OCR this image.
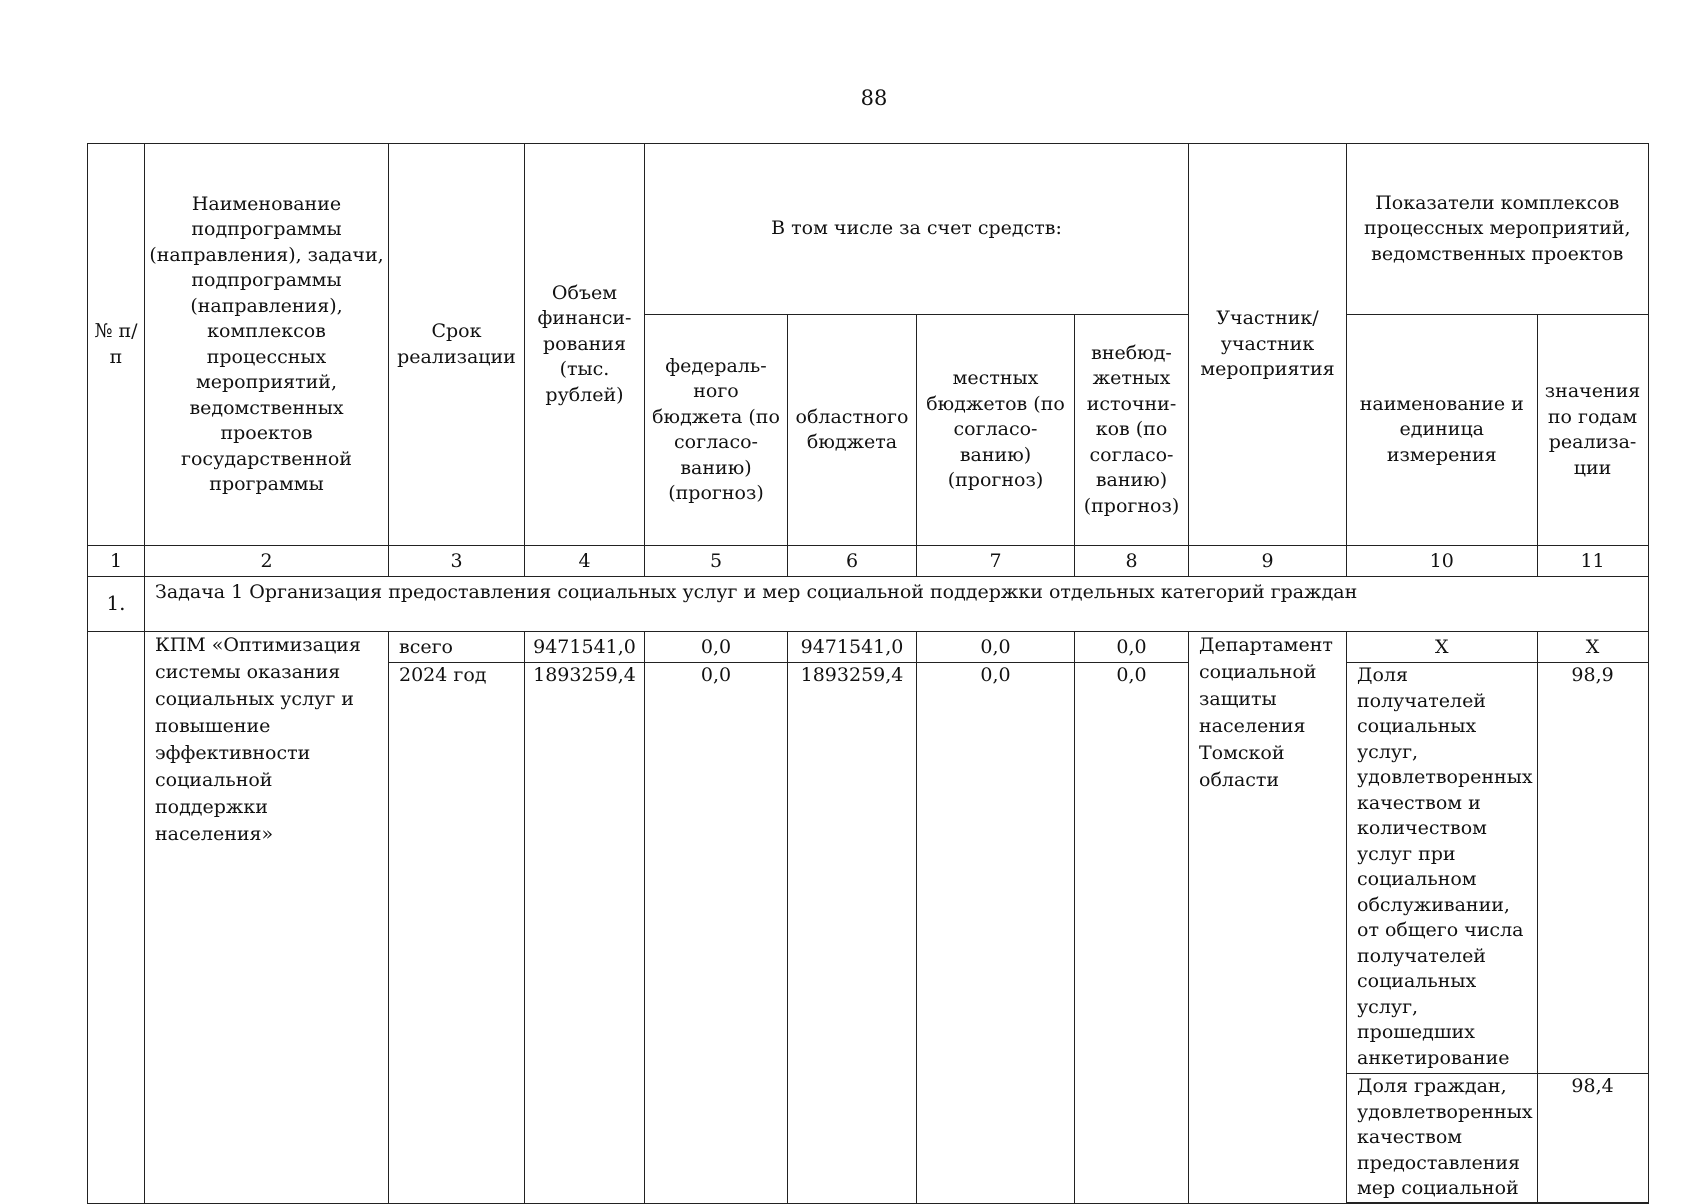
88
№ п/п	Наименование подпрограммы (направления), задачи, подпрограммы (направления), комплексов процессных мероприятий, ведомственных проектов государственной программы	Срок реализации	Объем финанси-рования (тыс. рублей)	В том числе за счет средств:				Участник/ участник мероприятия	Показатели комплексов процессных мероприятий, ведомственных проектов	
				федераль-ного бюджета (по согласо-ванию) (прогноз)	областного бюджета	местных бюджетов (по согласо-ванию) (прогноз)	внебюд-жетных источни-ков (по согласо-ванию) (прогноз)		наименование и единица измерения	значения по годам реализа-ции
1	2	3	4	5	6	7	8	9	10	11
1.	Задача 1 Организация предоставления социальных услуг и мер социальной поддержки отдельных категорий граждан									
	КПМ «Оптимизация системы оказания социальных услуг и повышение эффективности социальной поддержки населения»	всего	9471541,0	0,0	9471541,0	0,0	0,0	Департамент социальной защиты населения Томской области	Х	Х
		2024 год	1893259,4	0,0	1893259,4	0,0	0,0		Доля получателей социальных услуг, удовлетворенных качеством и количеством услуг при социальном обслуживании, от общего числа получателей социальных услуг, прошедших анкетирование	98,9
									Доля граждан, удовлетворенных качеством предоставления мер социальной	98,4
